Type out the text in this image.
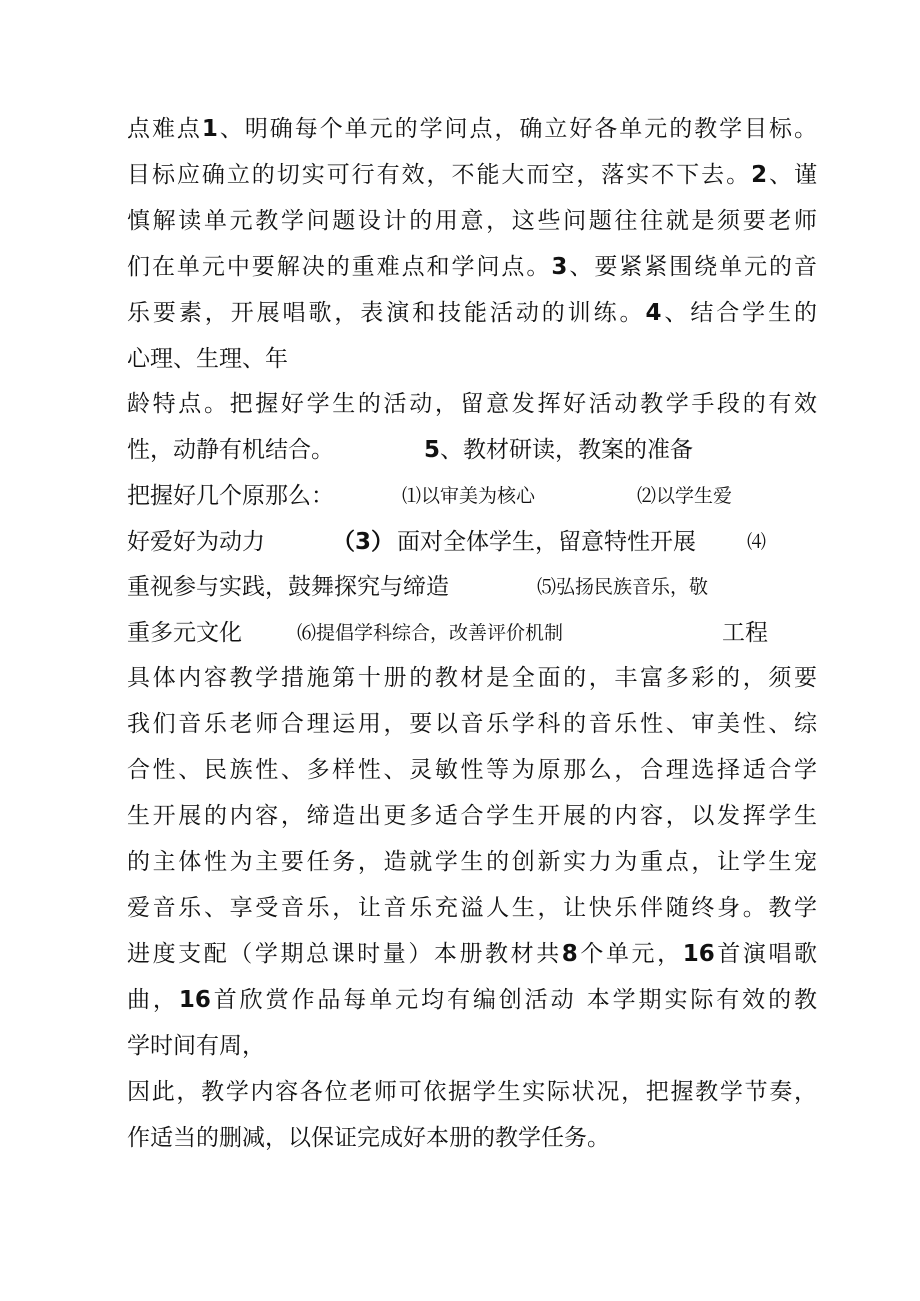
点难点1、明确每个单元的学问点，确立好各单元的教学目标。
目标应确立的切实可行有效，不能大而空，落实不下去。2、谨
慎解读单元教学问题设计的用意，这些问题往往就是须要老师
们在单元中要解决的重难点和学问点。3、要紧紧围绕单元的音
乐要素，开展唱歌，表演和技能活动的训练。4、结合学生的
心理、生理、年
龄特点。把握好学生的活动，留意发挥好活动教学手段的有效
性，动静有机结合。	5、教材研读，教案的准备
把握好几个原那么：	⑴以审美为核心	⑵以学生爱
好爱好为动力	（3） 面对全体学生，留意特性开展	⑷
重视参与实践，鼓舞探究与缔造	⑸弘扬民族音乐，敬
重多元文化	⑹提倡学科综合，改善评价机制	工程
具体内容教学措施第十册的教材是全面的，丰富多彩的，须要
我们音乐老师合理运用，要以音乐学科的音乐性、审美性、综
合性、民族性、多样性、灵敏性等为原那么，合理选择适合学
生开展的内容，缔造出更多适合学生开展的内容，以发挥学生
的主体性为主要任务，造就学生的创新实力为重点，让学生宠
爱音乐、享受音乐，让音乐充溢人生，让快乐伴随终身。教学
进度支配（学期总课时量）本册教材共8个单元，16首演唱歌
曲，16首欣赏作品每单元均有编创活动 本学期实际有效的教
学时间有周，
因此，教学内容各位老师可依据学生实际状况，把握教学节奏，
作适当的删减，以保证完成好本册的教学任务。
